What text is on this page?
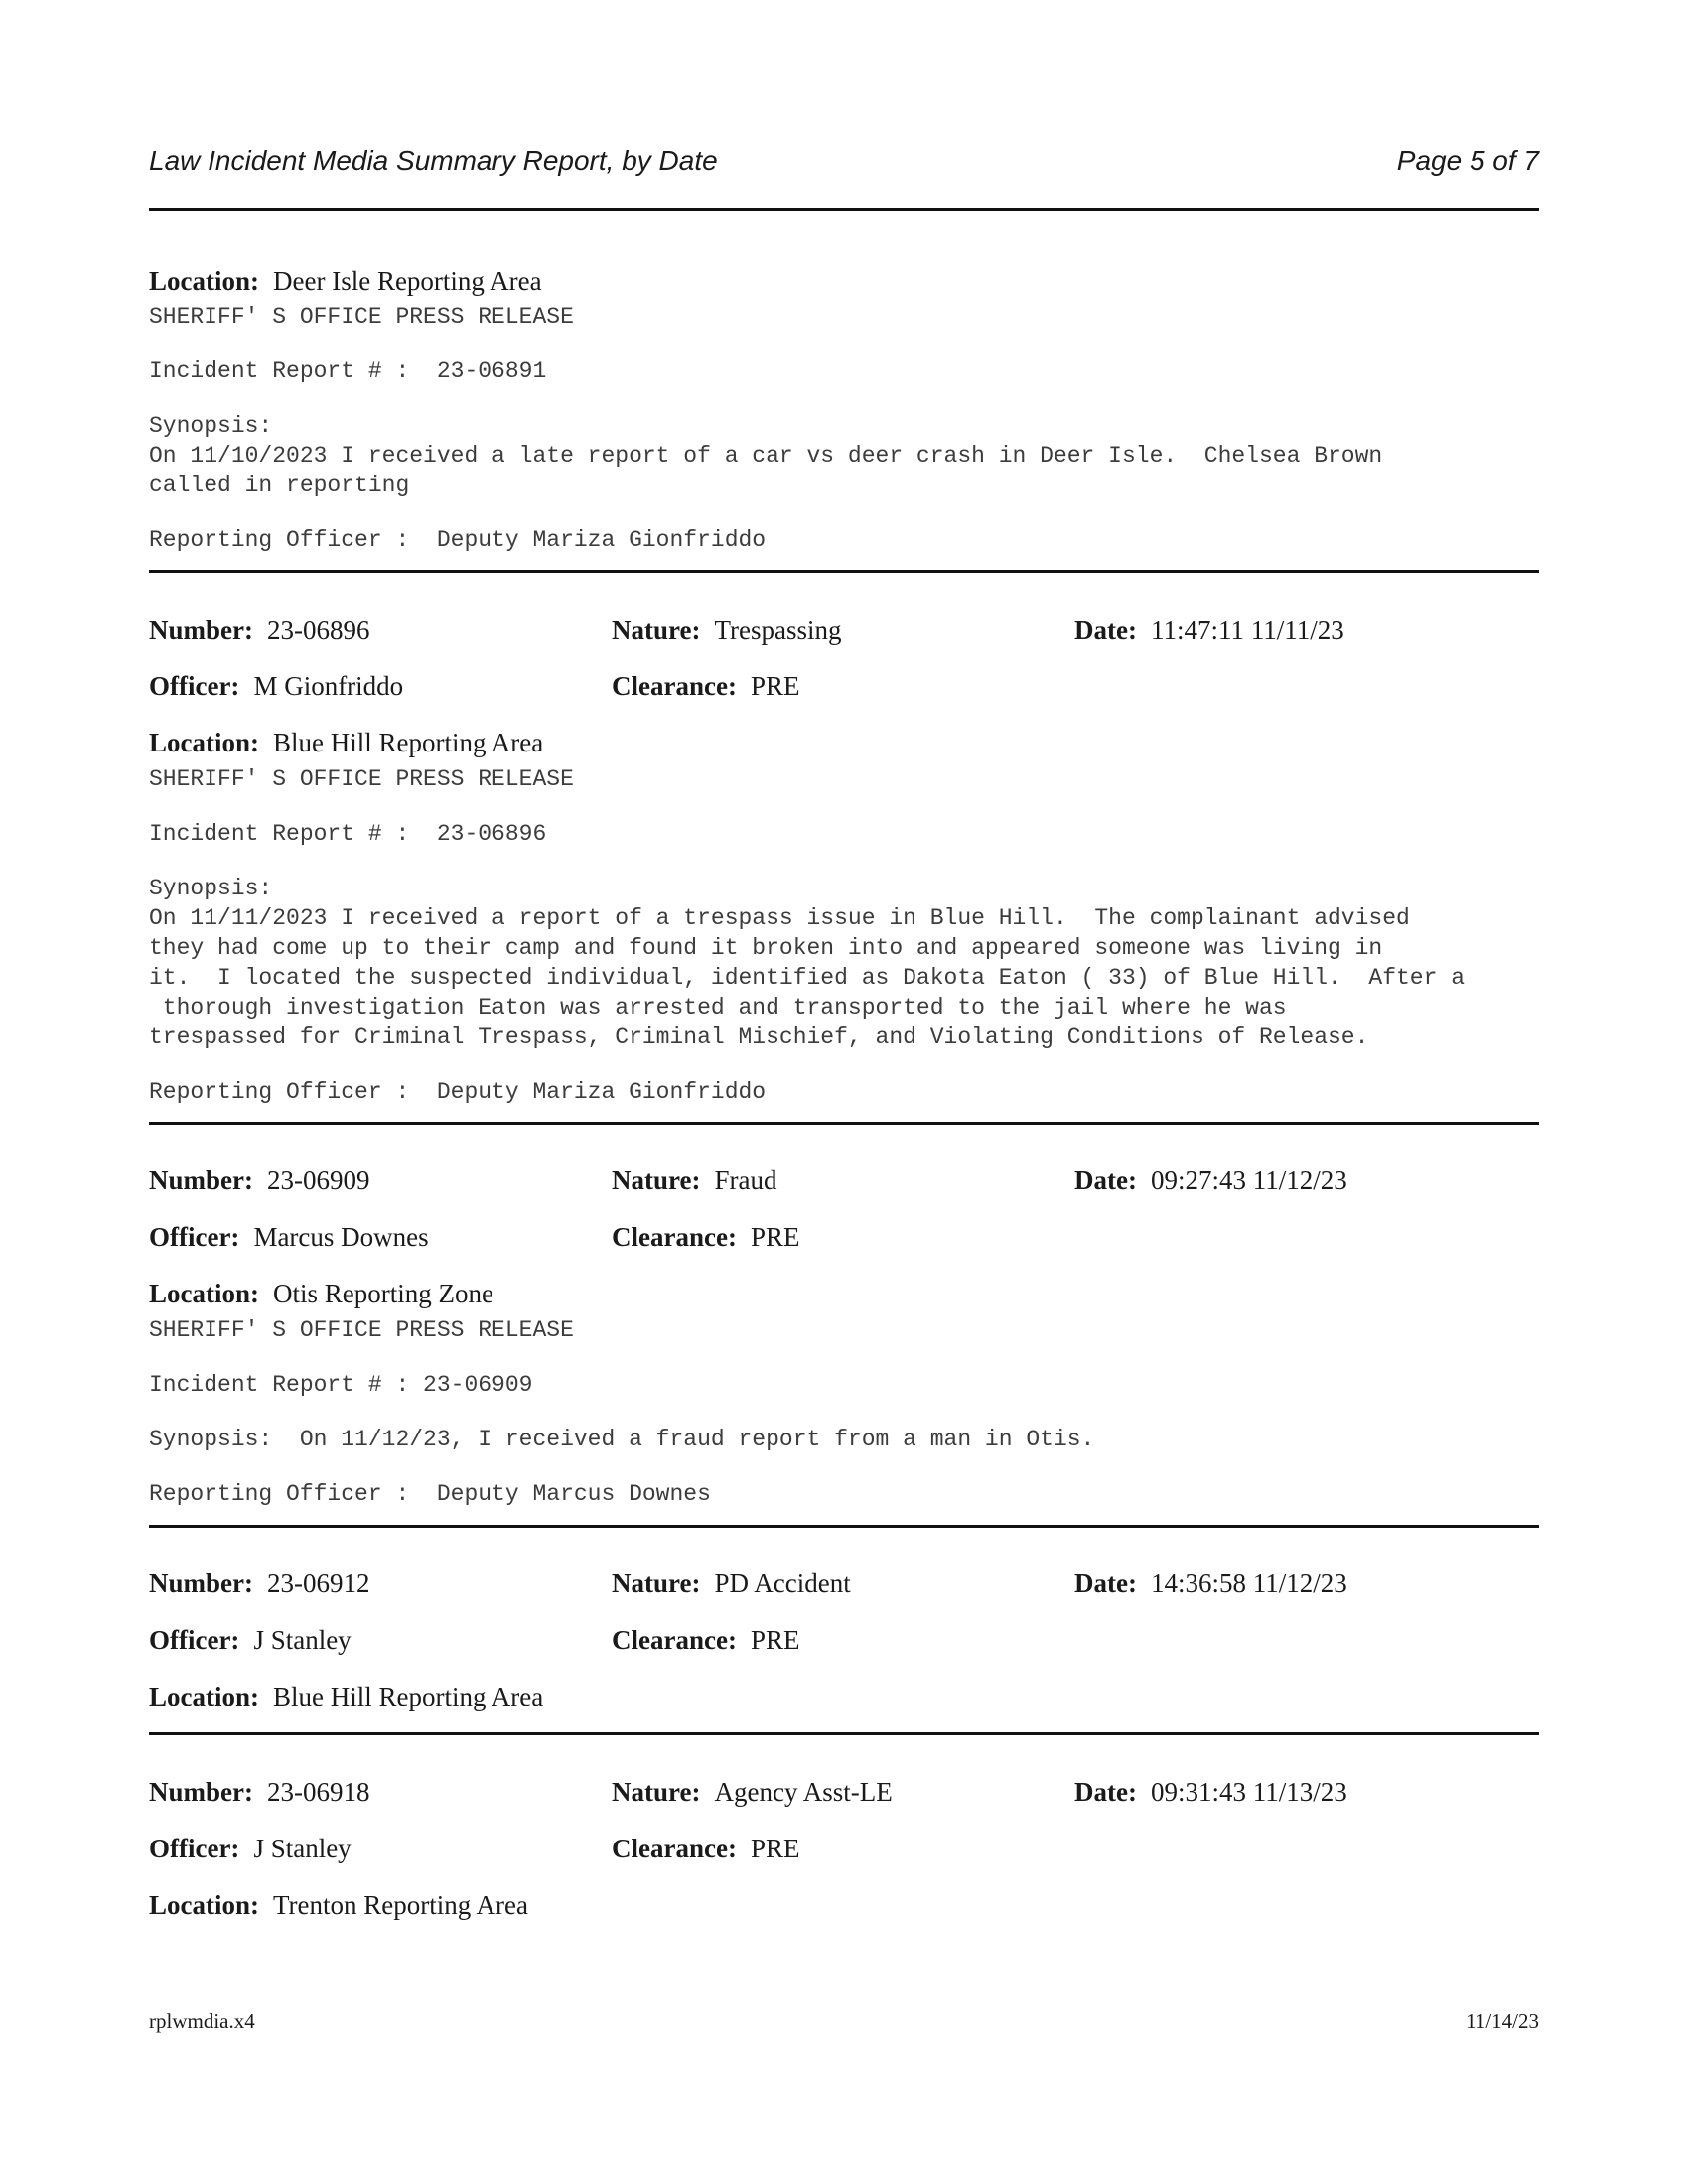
Law Incident Media Summary Report, by Date	Page 5 of 7
Location: Deer Isle Reporting Area
SHERIFF' S OFFICE PRESS RELEASE
Incident Report # :  23-06891
Synopsis:
On 11/10/2023 I received a late report of a car vs deer crash in Deer Isle.  Chelsea Brown
called in reporting
Reporting Officer :  Deputy Mariza Gionfriddo
Number: 23-06896	Nature: Trespassing	Date: 11:47:11 11/11/23
Officer: M Gionfriddo	Clearance: PRE
Location: Blue Hill Reporting Area
SHERIFF' S OFFICE PRESS RELEASE
Incident Report # :  23-06896
Synopsis:
On 11/11/2023 I received a report of a trespass issue in Blue Hill.  The complainant advised
they had come up to their camp and found it broken into and appeared someone was living in
it.  I located the suspected individual, identified as Dakota Eaton ( 33) of Blue Hill.  After a
thorough investigation Eaton was arrested and transported to the jail where he was
trespassed for Criminal Trespass, Criminal Mischief, and Violating Conditions of Release.
Reporting Officer :  Deputy Mariza Gionfriddo
Number: 23-06909	Nature: Fraud	Date: 09:27:43 11/12/23
Officer: Marcus Downes	Clearance: PRE
Location: Otis Reporting Zone
SHERIFF' S OFFICE PRESS RELEASE
Incident Report # : 23-06909
Synopsis:  On 11/12/23, I received a fraud report from a man in Otis.
Reporting Officer :  Deputy Marcus Downes
Number: 23-06912	Nature: PD Accident	Date: 14:36:58 11/12/23
Officer: J Stanley	Clearance: PRE
Location: Blue Hill Reporting Area
Number: 23-06918	Nature: Agency Asst-LE	Date: 09:31:43 11/13/23
Officer: J Stanley	Clearance: PRE
Location: Trenton Reporting Area
rplwmdia.x4	11/14/23
